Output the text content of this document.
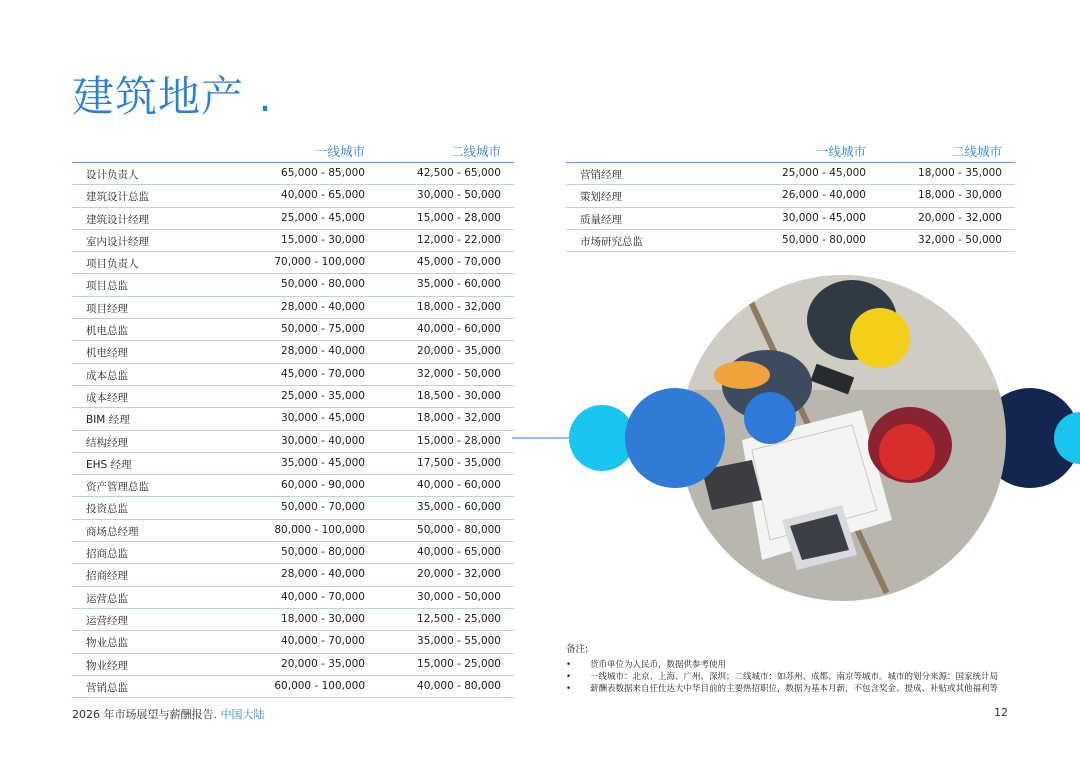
建筑地产 .
一线城市	二线城市
设计负责人	65,000 - 85,000	42,500 - 65,000
建筑设计总监	40,000 - 65,000	30,000 - 50,000
建筑设计经理	25,000 - 45,000	15,000 - 28,000
室内设计经理	15,000 - 30,000	12,000 - 22,000
项目负责人	70,000 - 100,000	45,000 - 70,000
项目总监	50,000 - 80,000	35,000 - 60,000
项目经理	28,000 - 40,000	18,000 - 32,000
机电总监	50,000 - 75,000	40,000 - 60,000
机电经理	28,000 - 40,000	20,000 - 35,000
成本总监	45,000 - 70,000	32,000 - 50,000
成本经理	25,000 - 35,000	18,500 - 30,000
BIM 经理	30,000 - 45,000	18,000 - 32,000
结构经理	30,000 - 40,000	15,000 - 28,000
EHS 经理	35,000 - 45,000	17,500 - 35,000
资产管理总监	60,000 - 90,000	40,000 - 60,000
投资总监	50,000 - 70,000	35,000 - 60,000
商场总经理	80,000 - 100,000	50,000 - 80,000
招商总监	50,000 - 80,000	40,000 - 65,000
招商经理	28,000 - 40,000	20,000 - 32,000
运营总监	40,000 - 70,000	30,000 - 50,000
运营经理	18,000 - 30,000	12,500 - 25,000
物业总监	40,000 - 70,000	35,000 - 55,000
物业经理	20,000 - 35,000	15,000 - 25,000
营销总监	60,000 - 100,000	40,000 - 80,000
一线城市	二线城市
营销经理	25,000 - 45,000	18,000 - 35,000
策划经理	26,000 - 40,000	18,000 - 30,000
质量经理	30,000 - 45,000	20,000 - 32,000
市场研究总监	50,000 - 80,000	32,000 - 50,000
备注:
• 货币单位为人民币，数据供参考使用
• 一线城市：北京、上海、广州、深圳；二线城市：如苏州、成都、南京等城市。城市的划分来源：国家统计局
• 薪酬表数据来自任仕达大中华目前的主要热招职位，数据为基本月薪，不包含奖金、提成、补贴或其他福利等
2026 年市场展望与薪酬报告. 中国大陆	12
